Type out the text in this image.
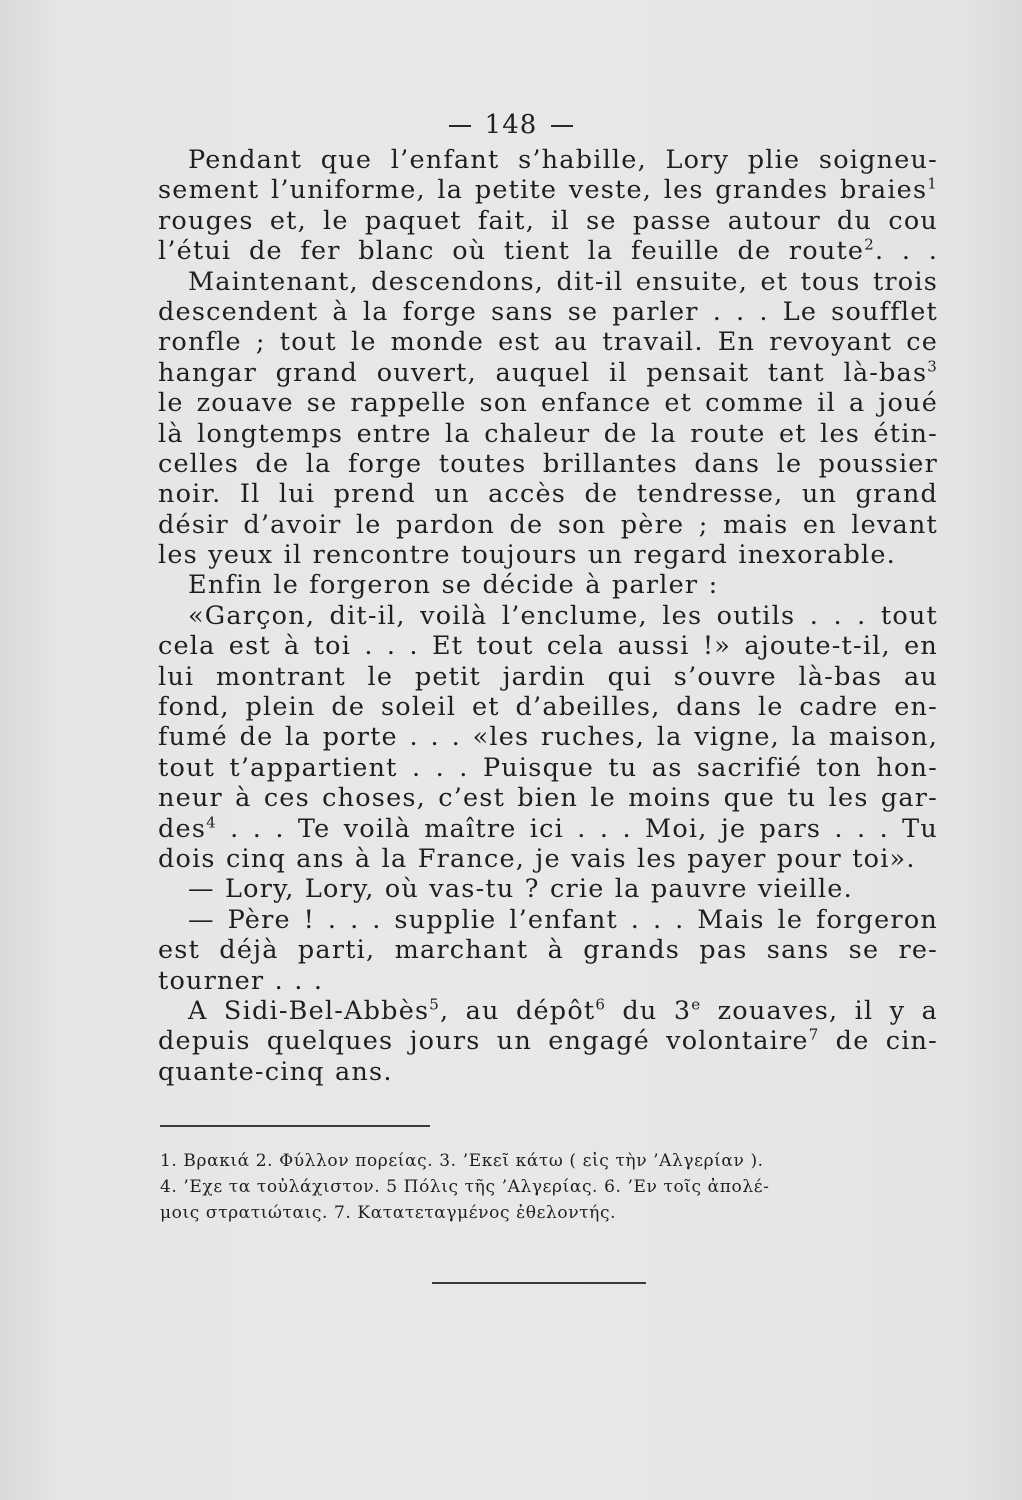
148
Pendant que l’enfant s’habille, Lory plie soigneu-
sement l’uniforme, la petite veste, les grandes braies$^1$
rouges et, le paquet fait, il se passe autour du cou
l’étui de fer blanc où tient la feuille de route$^2$. . .
Maintenant, descendons, dit-il ensuite, et tous trois
descendent à la forge sans se parler . . . Le soufflet
ronfle ; tout le monde est au travail. En revoyant ce
hangar grand ouvert, auquel il pensait tant là-bas$^3$
le zouave se rappelle son enfance et comme il a joué
là longtemps entre la chaleur de la route et les étin-
celles de la forge toutes brillantes dans le poussier
noir. Il lui prend un accès de tendresse, un grand
désir d’avoir le pardon de son père ; mais en levant
les yeux il rencontre toujours un regard inexorable.
Enfin le forgeron se décide à parler :
«Garçon, dit-il, voilà l’enclume, les outils . . . tout
cela est à toi . . . Et tout cela aussi !» ajoute-t-il, en
lui montrant le petit jardin qui s’ouvre là-bas au
fond, plein de soleil et d’abeilles, dans le cadre en-
fumé de la porte . . . «les ruches, la vigne, la maison,
tout t’appartient . . . Puisque tu as sacrifié ton hon-
neur à ces choses, c’est bien le moins que tu les gar-
des$^4$ . . . Te voilà maître ici . . . Moi, je pars . . . Tu
dois cinq ans à la France, je vais les payer pour toi».
— Lory, Lory, où vas-tu ? crie la pauvre vieille.
— Père ! . . . supplie l’enfant . . . Mais le forgeron
est déjà parti, marchant à grands pas sans se re-
tourner . . .
A Sidi-Bel-Abbès$^5$, au dépôt$^6$ du 3e zouaves, il y a
depuis quelques jours un engagé volontaire$^7$ de cin-
quante-cinq ans.
1. Βρακιά 2. Φύλλον πορείας. 3. ’Εκεῖ κάτω ( εἰς τὴν ’Αλγερίαν ).
4. ’Εχε τα τοὐλάχιστον. 5 Πόλις τῆς ’Αλγερίας. 6. ’Εν τοῖς ἀπολέ-
μοις στρατιώταις. 7. Κατατεταγμένος ἐθελοντής.
